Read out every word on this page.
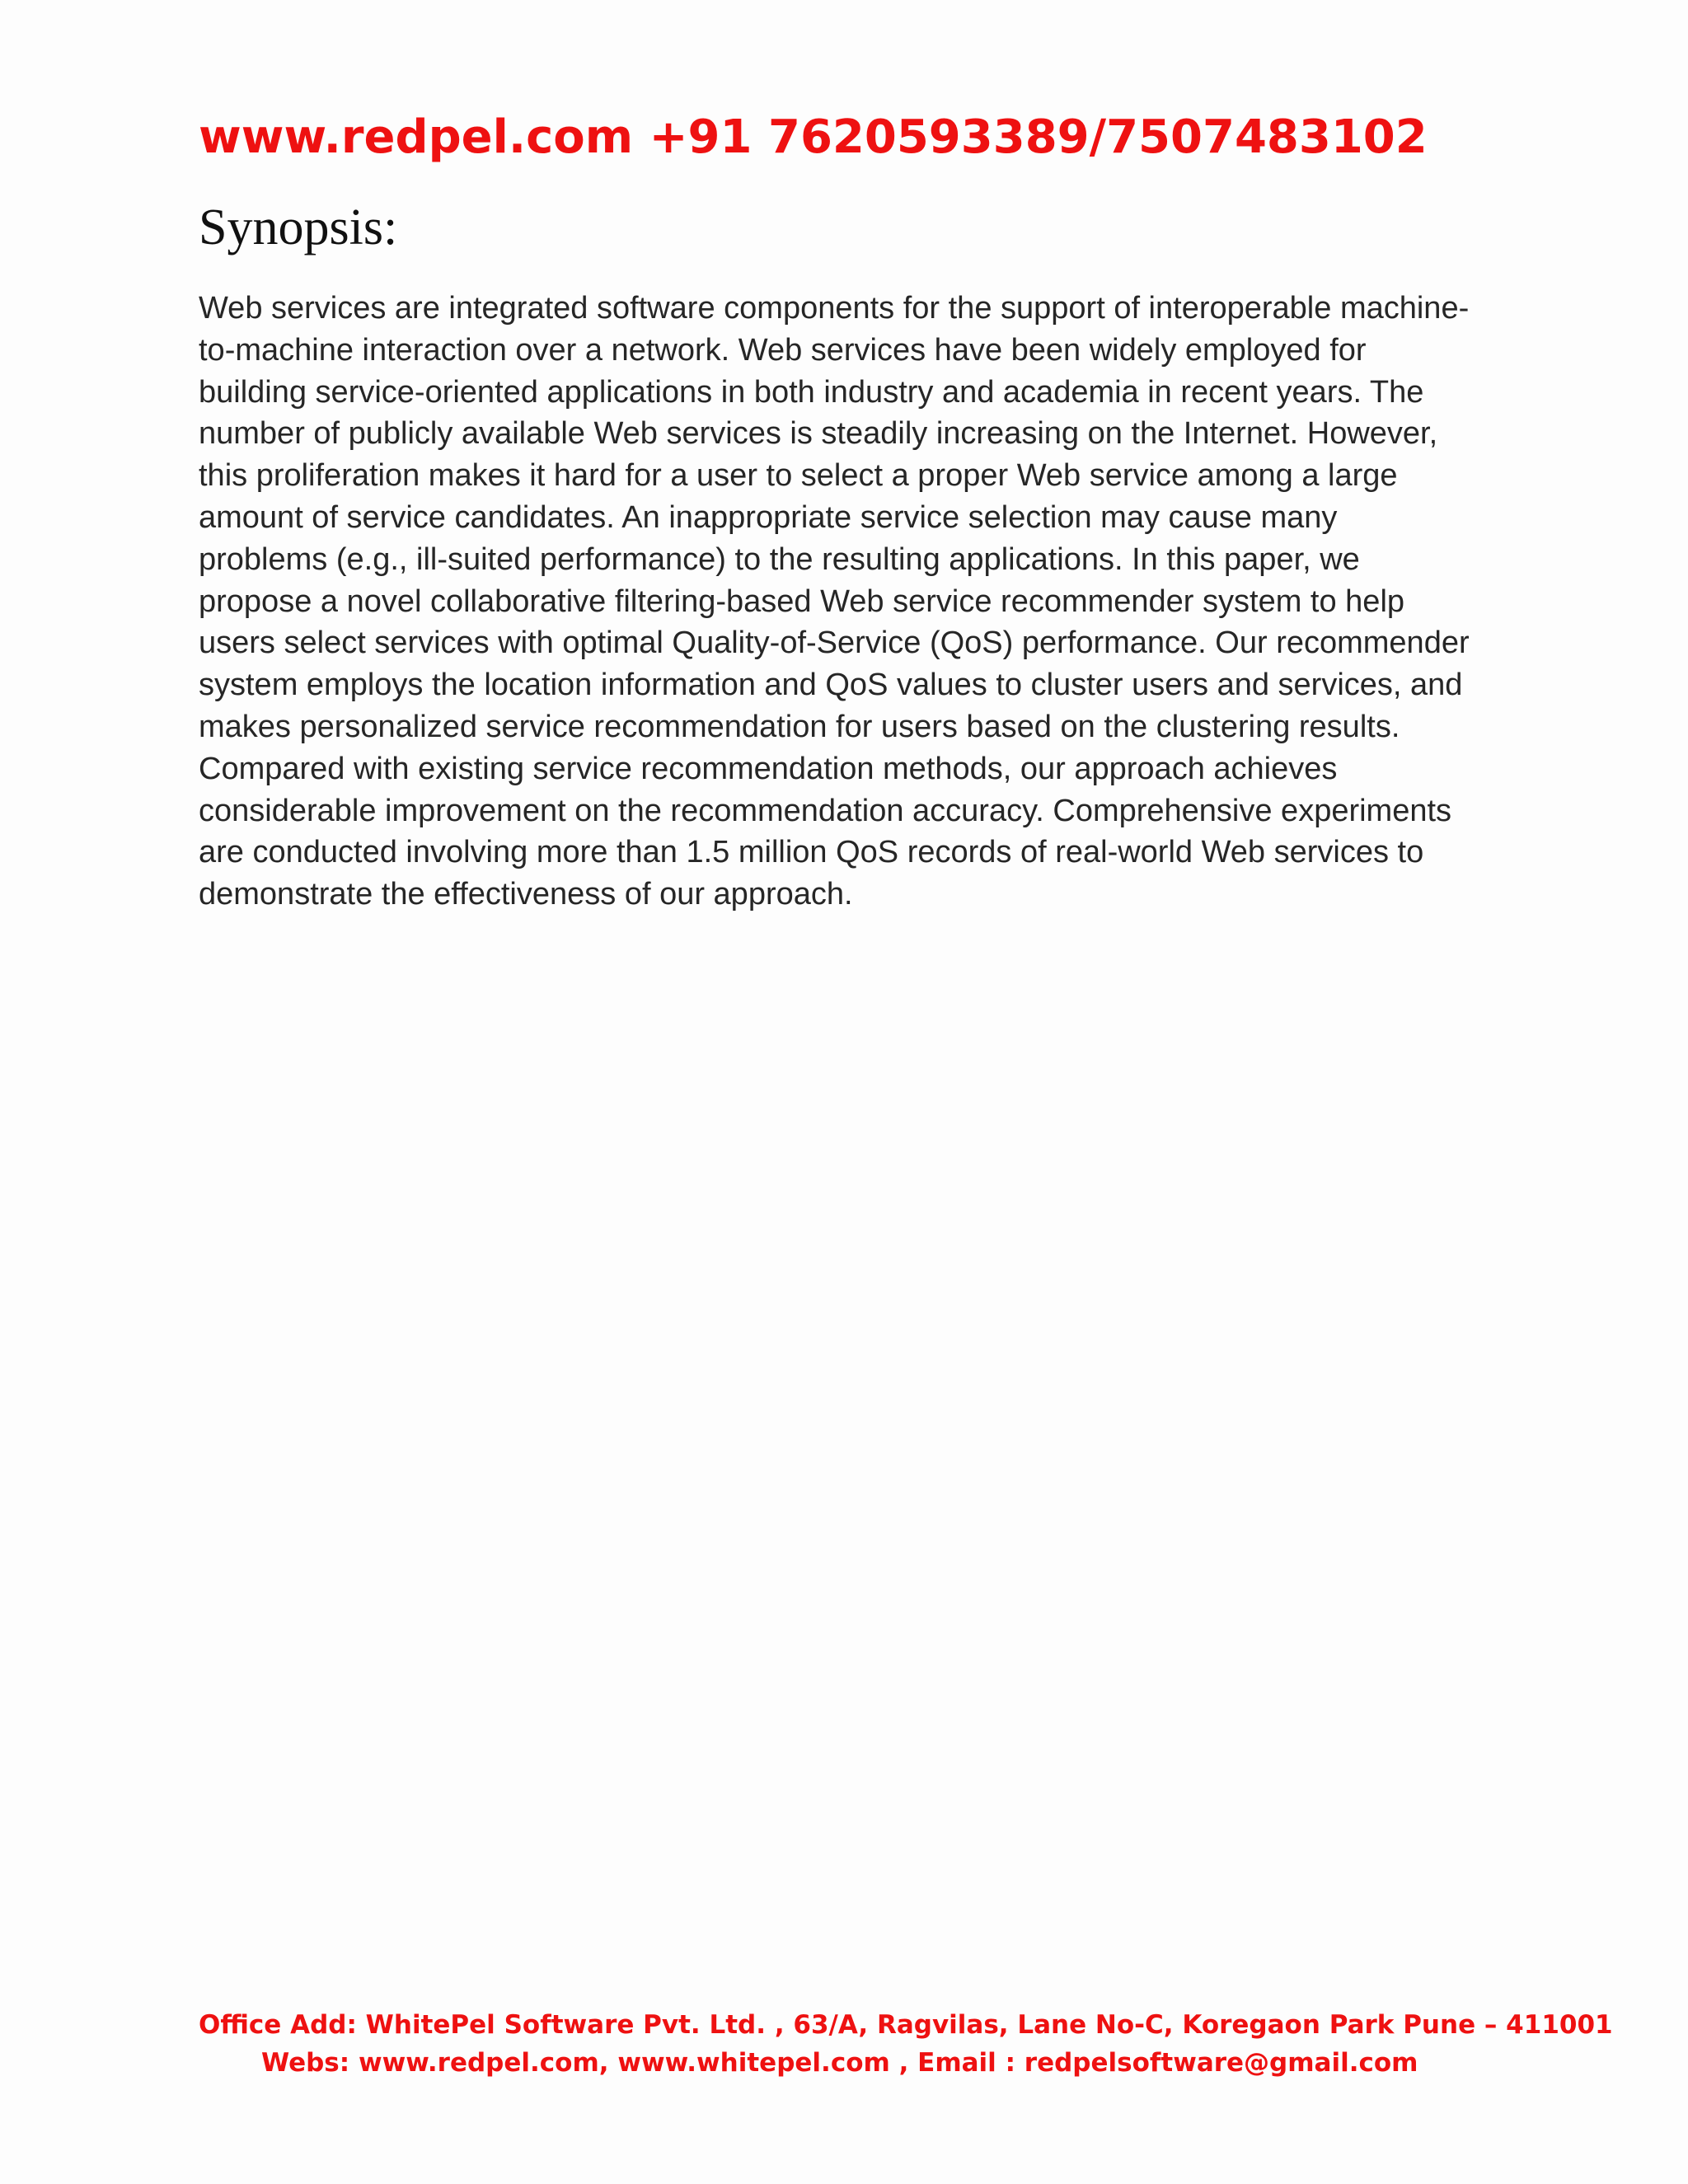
www.redpel.com +91 7620593389/7507483102
Synopsis:
Web services are integrated software components for the support of interoperable machine-
to-machine interaction over a network. Web services have been widely employed for
building service-oriented applications in both industry and academia in recent years. The
number of publicly available Web services is steadily increasing on the Internet. However,
this proliferation makes it hard for a user to select a proper Web service among a large
amount of service candidates. An inappropriate service selection may cause many
problems (e.g., ill-suited performance) to the resulting applications. In this paper, we
propose a novel collaborative filtering-based Web service recommender system to help
users select services with optimal Quality-of-Service (QoS) performance. Our recommender
system employs the location information and QoS values to cluster users and services, and
makes personalized service recommendation for users based on the clustering results.
Compared with existing service recommendation methods, our approach achieves
considerable improvement on the recommendation accuracy. Comprehensive experiments
are conducted involving more than 1.5 million QoS records of real-world Web services to
demonstrate the effectiveness of our approach.
Office Add: WhitePel Software Pvt. Ltd. , 63/A, Ragvilas, Lane No-C, Koregaon Park Pune – 411001
Webs: www.redpel.com, www.whitepel.com , Email : redpelsoftware@gmail.com
